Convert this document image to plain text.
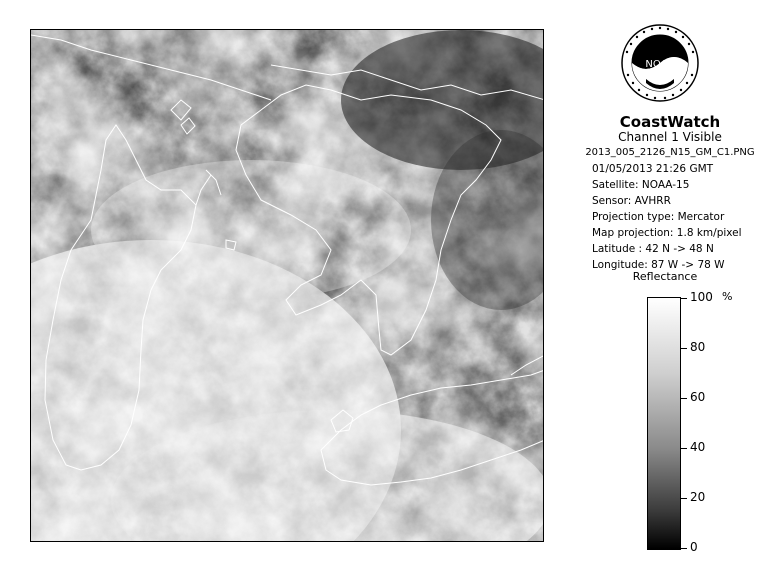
NOAA
CoastWatch
Channel 1 Visible
2013_005_2126_N15_GM_C1.PNG
01/05/2013 21:26 GMT
Satellite: NOAA-15
Sensor: AVHRR
Projection type: Mercator
Map projection: 1.8 km/pixel
Latitude : 42 N -> 48 N
Longitude: 87 W -> 78 W
Reflectance
%
100
80
60
40
20
0
